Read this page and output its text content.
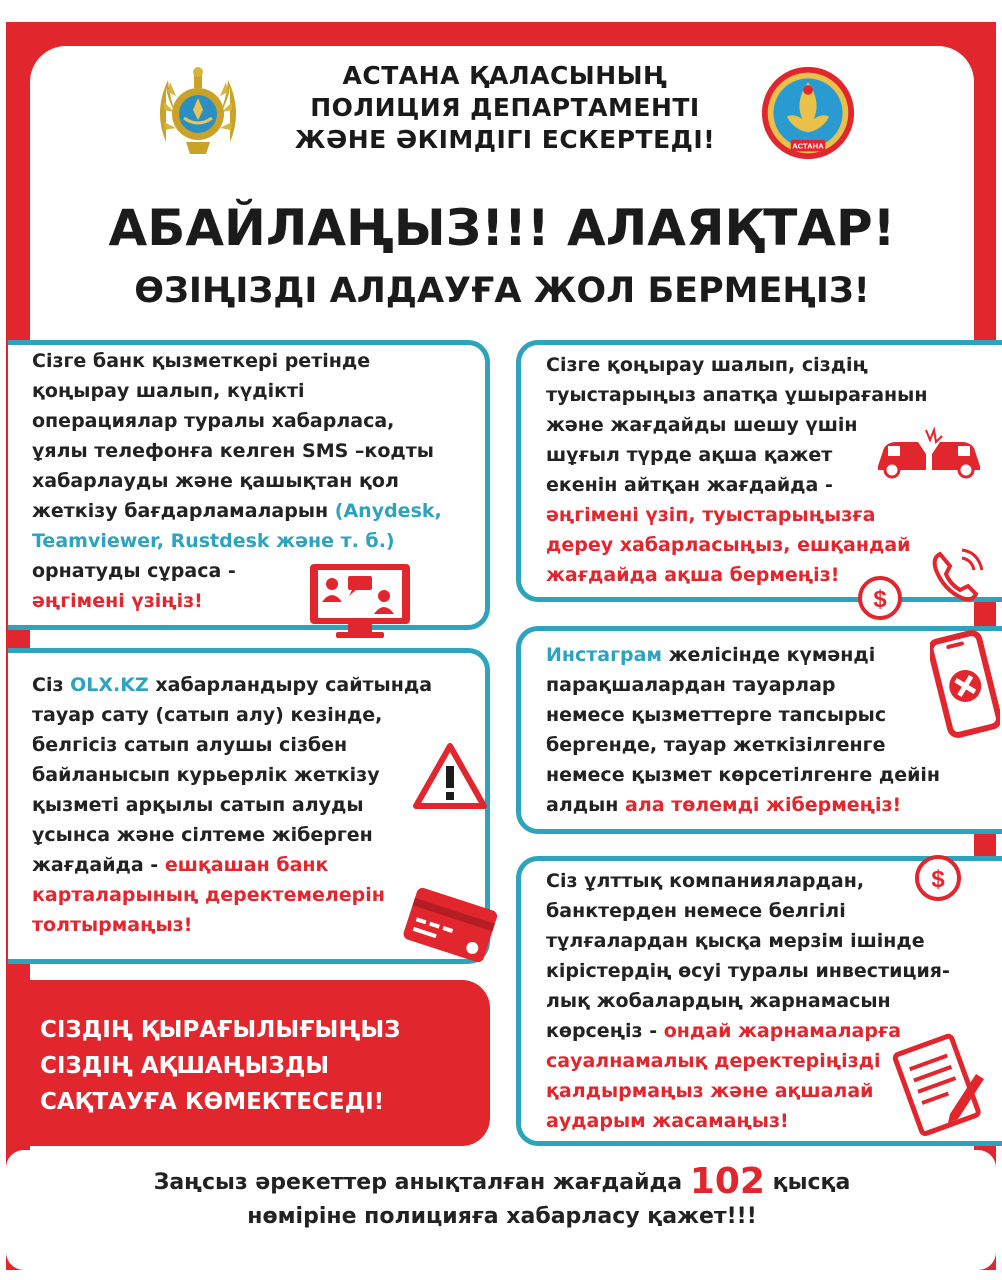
АСТАНА ҚАЛАСЫНЫҢ
ПОЛИЦИЯ ДЕПАРТАМЕНТІ
ЖӘНЕ ӘКІМДІГІ ЕСКЕРТЕДІ!	АСТАНА
АБАЙЛАҢЫЗ!!! АЛАЯҚТАР!
ӨЗІҢІЗДІ АЛДАУҒА ЖОЛ БЕРМЕҢІЗ!
Сізге банк қызметкері ретінде
қоңырау шалып, күдікті
операциялар туралы хабарласа,
ұялы телефонға келген SMS –кодты
хабарлауды және қашықтан қол
жеткізу бағдарламаларын (Anydesk,
Teamviewer, Rustdesk және т. б.)
орнатуды сұраса -
әңгімені үзіңіз!
Сізге қоңырау шалып, сіздің
туыстарыңыз апатқа ұшырағанын
және жағдайды шешу үшін
шұғыл түрде ақша қажет
екенін айтқан жағдайда -
әңгімені үзіп, туыстарыңызға
дереу хабарласыңыз, ешқандай
жағдайда ақша бермеңіз!
$
Сіз OLX.KZ хабарландыру сайтында
тауар сату (сатып алу) кезінде,
белгісіз сатып алушы сізбен
байланысып курьерлік жеткізу
қызметі арқылы сатып алуды
ұсынса және сілтеме жіберген
жағдайда - ешқашан банк
карталарының деректемелерін
толтырмаңыз!
Инстаграм желісінде күмәнді
парақшалардан тауарлар
немесе қызметтерге тапсырыс
бергенде, тауар жеткізілгенге
немесе қызмет көрсетілгенге дейін
алдын ала төлемді жібермеңіз!
Сіз ұлттық компаниялардан,
банктерден немесе белгілі
тұлғалардан қысқа мерзім ішінде
кірістердің өсуі туралы инвестиция-
лық жобалардың жарнамасын
көрсеңіз - ондай жарнамаларға
сауалнамалық деректеріңізді
қалдырмаңыз және ақшалай
аударым жасамаңыз!
$
СІЗДІҢ ҚЫРАҒЫЛЫҒЫҢЫЗ
СІЗДІҢ АҚШАҢЫЗДЫ
САҚТАУҒА КӨМЕКТЕСЕДІ!
Заңсыз әрекеттер анықталған жағдайда 102 қысқа
нөміріне полицияға хабарласу қажет!!!
